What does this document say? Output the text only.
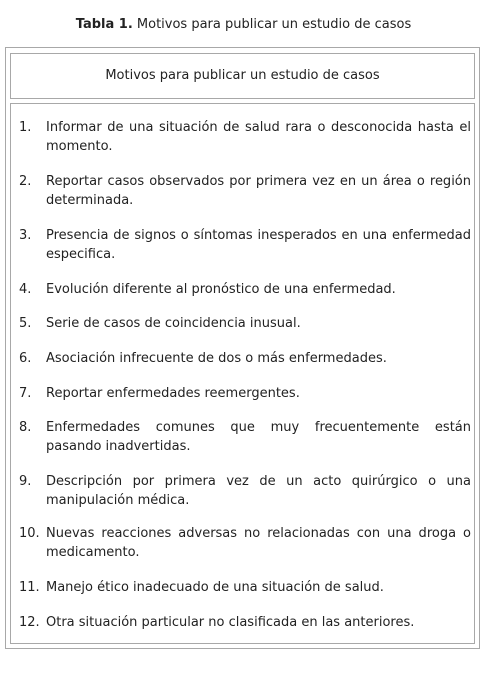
Tabla 1. Motivos para publicar un estudio de casos
Motivos para publicar un estudio de casos
1.	Informar de una situación de salud rara o desconocida hasta el momento.
2.	Reportar casos observados por primera vez en un área o región determinada.
3.	Presencia de signos o síntomas inesperados en una enfermedad especifica.
4.	Evolución diferente al pronóstico de una enfermedad.
5.	Serie de casos de coincidencia inusual.
6.	Asociación infrecuente de dos o más enfermedades.
7.	Reportar enfermedades reemergentes.
8.	Enfermedades comunes que muy frecuentemente están pasando inadvertidas.
9.	Descripción por primera vez de un acto quirúrgico o una manipulación médica.
10. Nuevas reacciones adversas no relacionadas con una droga o medicamento.
11. Manejo ético inadecuado de una situación de salud.
12. Otra situación particular no clasificada en las anteriores.
